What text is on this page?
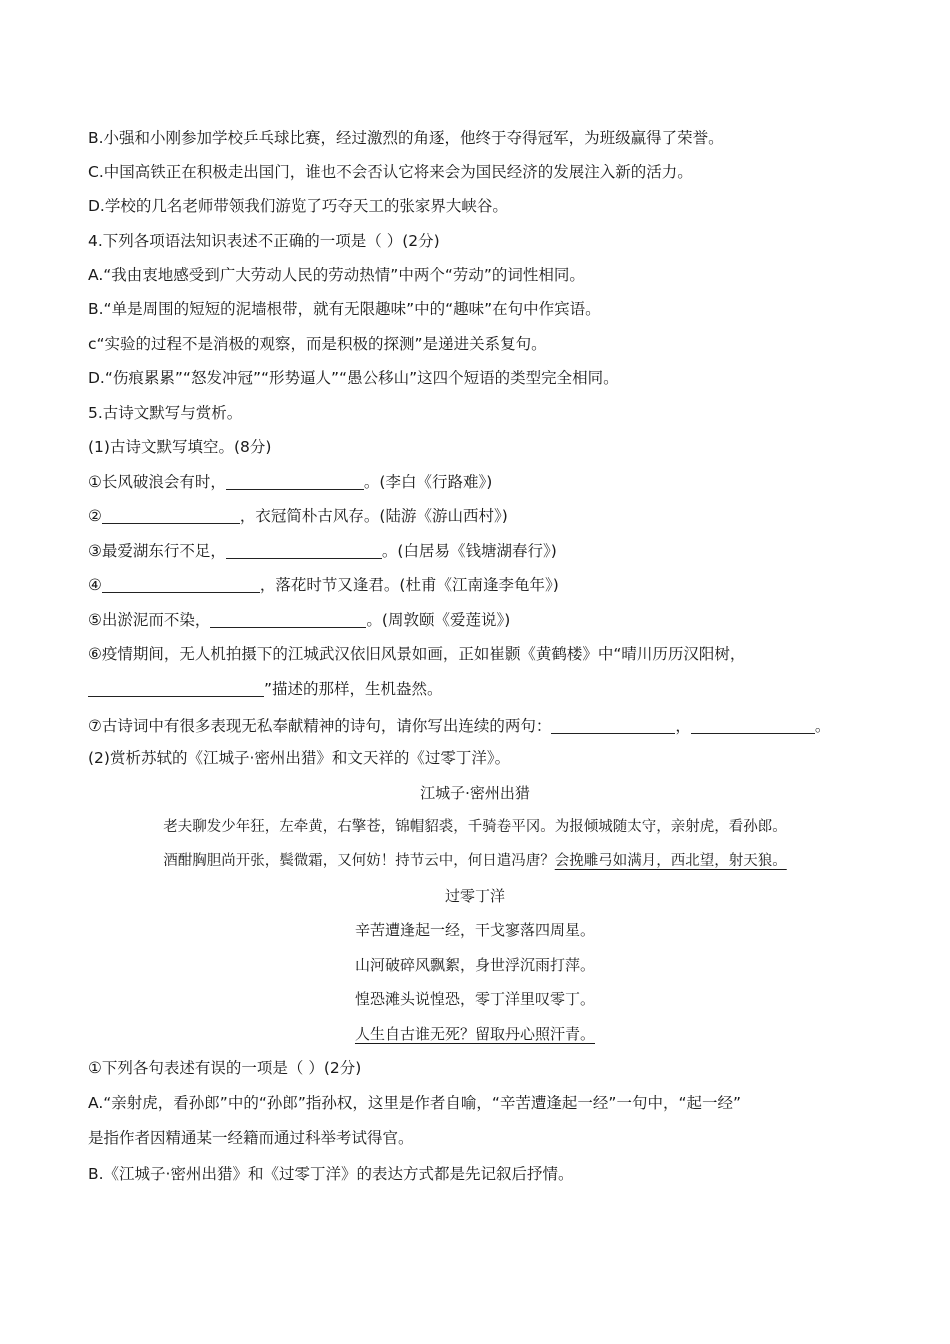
B.小强和小刚参加学校乒乓球比赛，经过激烈的角逐，他终于夺得冠军，为班级赢得了荣誉。
C.中国高铁正在积极走出国门，谁也不会否认它将来会为国民经济的发展注入新的活力。
D.学校的几名老师带领我们游览了巧夺天工的张家界大峡谷。
4.下列各项语法知识表述不正确的一项是（ ）(2分)
A.“我由衷地感受到广大劳动人民的劳动热情”中两个“劳动”的词性相同。
B.“单是周围的短短的泥墙根带，就有无限趣味”中的“趣味”在句中作宾语。
c“实验的过程不是消极的观察，而是积极的探测”是递进关系复句。
D.“伤痕累累”“怒发冲冠”“形势逼人”“愚公移山”这四个短语的类型完全相同。
5.古诗文默写与赏析。
(1)古诗文默写填空。(8分)
①长风破浪会有时，	。(李白《行路难》)
②	，衣冠简朴古风存。(陆游《游山西村》)
③最爱湖东行不足，	。(白居易《钱塘湖春行》)
④	，落花时节又逢君。(杜甫《江南逢李龟年》)
⑤出淤泥而不染，	。(周敦颐《爱莲说》)
⑥疫情期间，无人机拍摄下的江城武汉依旧风景如画，正如崔颢《黄鹤楼》中“晴川历历汉阳树，
”描述的那样，生机盎然。
⑦古诗词中有很多表现无私奉献精神的诗句，请你写出连续的两句：	，	。
(2)赏析苏轼的《江城子·密州出猎》和文天祥的《过零丁洋》。
江城子·密州出猎
老夫聊发少年狂，左牵黄，右擎苍，锦帽貂裘，千骑卷平冈。为报倾城随太守，亲射虎，看孙郎。
酒酣胸胆尚开张，鬓微霜，又何妨！持节云中，何日遣冯唐？会挽雕弓如满月，西北望，射天狼。
过零丁洋
辛苦遭逢起一经，干戈寥落四周星。
山河破碎风飘絮，身世浮沉雨打萍。
惶恐滩头说惶恐，零丁洋里叹零丁。
人生自古谁无死？留取丹心照汗青。
①下列各句表述有误的一项是（ ）(2分)
A.“亲射虎，看孙郎”中的“孙郎”指孙权，这里是作者自喻，“辛苦遭逢起一经”一句中，“起一经”
是指作者因精通某一经籍而通过科举考试得官。
B.《江城子·密州出猎》和《过零丁洋》的表达方式都是先记叙后抒情。
